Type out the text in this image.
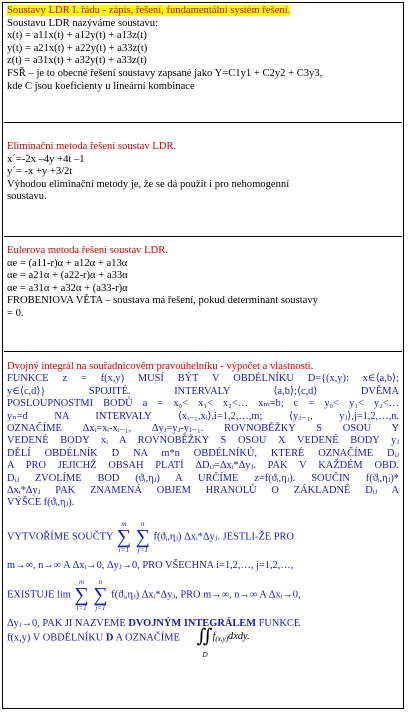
Soustavy LDR I. řádu - zápis, řešení, fundamentální systém řešení.
Soustavu LDR nazýváme soustavu:
x(t) = a11x(t) + a12y(t) + a13z(t)
y(t) = a21x(t) + a22y(t) + a33z(t)
z(t) = a31x(t) + a32y(t) + a33z(t)
FSŘ – je to obecné řešení soustavy zapsané jako Y=C1y1 + C2y2 + C3y3,
kde C jsou koeficienty u lineární kombinace
Eliminační metoda řešení soustav LDR.
x´=-2x –4y +4t –1
y´= -x +y +3/2t
Výhodou eliminační metody je, že se dá použít i pro nehomogenní
soustavu.
Eulerova metoda řešení soustav LDR.
αe = (a11-r)α + a12α + a13α
αe = a21α + (a22-r)α + a33α
αe = a31α + a32α + (a33-r)α
FROBENIOVA VĚTA – soustava má řešení, pokud determinant soustavy
= 0.
Dvojný integrál na souřadnicověm pravoúhelníku - výpočet a vlastnosti.
FUNKCE z = f(x,y) MUSÍ BÝT V OBDÉLNÍKU D={(x,y): x∈⟨a,b⟩;
y∈⟨c,d⟩} SPOJITÉ. INTERVALY ⟨a,b⟩;⟨c,d⟩ DVĚMA
POSLOUPNOSTMI BODŮ a = x₀< x₁< x₂<… xₘ=b; c = y₀< y₁< y₂<…
yₙ=d NA INTERVALY ⟨xᵢ₋₁,xᵢ⟩,i=1,2,…,m; ⟨yⱼ₋₁, yⱼ⟩,j=1,2,…,n.
OZNAČÍME Δxᵢ=xᵢ-xᵢ₋₁, Δyⱼ=yⱼ-yⱼ₋₁. ROVNOBĚŽKY S OSOU Y
VEDENÉ BODY xᵢ A ROVNOBĚŽKY S OSOU X VEDENÉ BODY yⱼ
DĚLÍ OBDÉLNÍK D NA m*n OBDÉLNÍKŮ, KTERÉ OZNAČÍME Dᵢⱼ
A PRO JEJICHŽ OBSAH PLATÍ ΔDᵢⱼ=Δxᵢ*Δyⱼ. PAK V KAŽDÉM OBD.
Dᵢⱼ ZVOLÍME BOD (ϑᵢ,ηⱼ) A URČÍME z=f(ϑᵢ,ηⱼ). SOUČIN f(ϑᵢ,ηⱼ)*
Δxᵢ*Δyⱼ PAK ZNAMENÁ OBJEM HRANOLŮ O ZÁKLADNĚ Dᵢⱼ A
VÝŠCE f(ϑᵢ,ηⱼ).
VYTVOŘÍME SOUČTY
m
∑
i=1

n
∑
j=1
f(ϑᵢ,ηⱼ) Δxᵢ*Δyⱼ. JESTLI-ŽE PRO
m→∞, n→∞ A Δxᵢ→0, Δyⱼ→0, PRO VŠECHNA i=1,2,…, j=1,2,…,
EXISTUJE lim
m
∑
i=1

n
∑
j=1
f(ϑᵢ,ηⱼ) Δxᵢ*Δyⱼ, PRO m→∞, n→∞ A Δxᵢ→0,
Δyⱼ→0, PAK JI NAZVEME DVOJNÝM INTEGRÁLEM FUNKCE
f(x,y) V OBDÉLNÍKU D A OZNAČÍME $∬f_{(x,y)}dxdy$.
D
